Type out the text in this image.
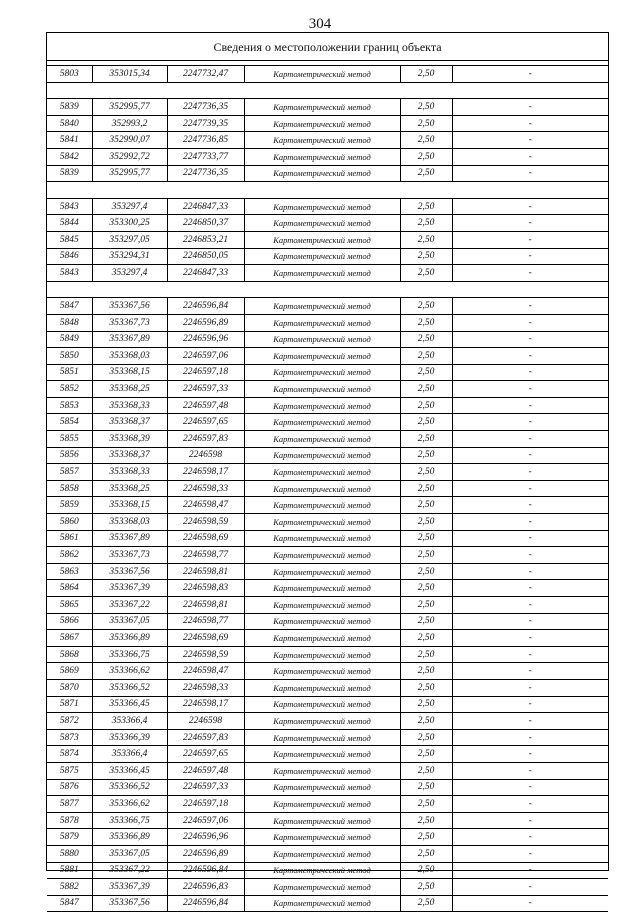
304
Сведения о местоположении границ объекта
5803	353015,34	2247732,47	Картометрический метод	2,50	-

5839	352995,77	2247736,35	Картометрический метод	2,50	-
5840	352993,2	2247739,35	Картометрический метод	2,50	-
5841	352990,07	2247736,85	Картометрический метод	2,50	-
5842	352992,72	2247733,77	Картометрический метод	2,50	-
5839	352995,77	2247736,35	Картометрический метод	2,50	-

5843	353297,4	2246847,33	Картометрический метод	2,50	-
5844	353300,25	2246850,37	Картометрический метод	2,50	-
5845	353297,05	2246853,21	Картометрический метод	2,50	-
5846	353294,31	2246850,05	Картометрический метод	2,50	-
5843	353297,4	2246847,33	Картометрический метод	2,50	-

5847	353367,56	2246596,84	Картометрический метод	2,50	-
5848	353367,73	2246596,89	Картометрический метод	2,50	-
5849	353367,89	2246596,96	Картометрический метод	2,50	-
5850	353368,03	2246597,06	Картометрический метод	2,50	-
5851	353368,15	2246597,18	Картометрический метод	2,50	-
5852	353368,25	2246597,33	Картометрический метод	2,50	-
5853	353368,33	2246597,48	Картометрический метод	2,50	-
5854	353368,37	2246597,65	Картометрический метод	2,50	-
5855	353368,39	2246597,83	Картометрический метод	2,50	-
5856	353368,37	2246598	Картометрический метод	2,50	-
5857	353368,33	2246598,17	Картометрический метод	2,50	-
5858	353368,25	2246598,33	Картометрический метод	2,50	-
5859	353368,15	2246598,47	Картометрический метод	2,50	-
5860	353368,03	2246598,59	Картометрический метод	2,50	-
5861	353367,89	2246598,69	Картометрический метод	2,50	-
5862	353367,73	2246598,77	Картометрический метод	2,50	-
5863	353367,56	2246598,81	Картометрический метод	2,50	-
5864	353367,39	2246598,83	Картометрический метод	2,50	-
5865	353367,22	2246598,81	Картометрический метод	2,50	-
5866	353367,05	2246598,77	Картометрический метод	2,50	-
5867	353366,89	2246598,69	Картометрический метод	2,50	-
5868	353366,75	2246598,59	Картометрический метод	2,50	-
5869	353366,62	2246598,47	Картометрический метод	2,50	-
5870	353366,52	2246598,33	Картометрический метод	2,50	-
5871	353366,45	2246598,17	Картометрический метод	2,50	-
5872	353366,4	2246598	Картометрический метод	2,50	-
5873	353366,39	2246597,83	Картометрический метод	2,50	-
5874	353366,4	2246597,65	Картометрический метод	2,50	-
5875	353366,45	2246597,48	Картометрический метод	2,50	-
5876	353366,52	2246597,33	Картометрический метод	2,50	-
5877	353366,62	2246597,18	Картометрический метод	2,50	-
5878	353366,75	2246597,06	Картометрический метод	2,50	-
5879	353366,89	2246596,96	Картометрический метод	2,50	-
5880	353367,05	2246596,89	Картометрический метод	2,50	-
5881	353367,22	2246596,84	Картометрический метод	2,50	-
5882	353367,39	2246596,83	Картометрический метод	2,50	-
5847	353367,56	2246596,84	Картометрический метод	2,50	-
